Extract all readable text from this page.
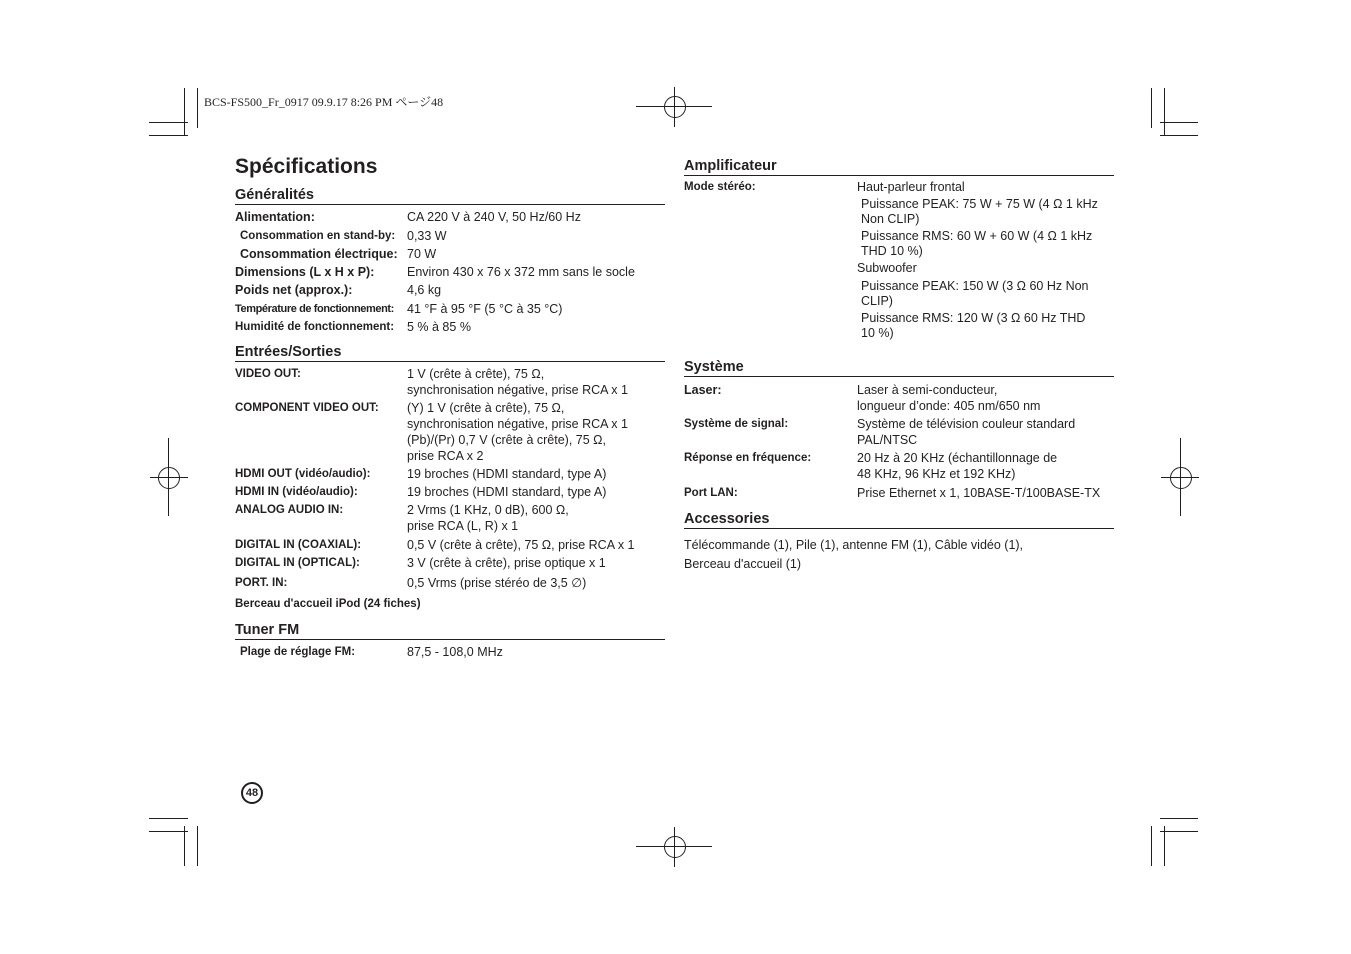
BCS-FS500_Fr_0917 09.9.17 8:26 PM ページ48
Spécifications
Généralités
Alimentation:	CA 220 V à 240 V, 50 Hz/60 Hz
Consommation en stand-by: 0,33 W
Consommation électrique: 70 W
Dimensions (L x H x P):	Environ 430 x 76 x 372 mm sans le socle
Poids net (approx.):	4,6 kg
Température de fonctionnement: 41 °F à 95 °F (5 °C à 35 °C)
Humidité de fonctionnement: 5 % à 85 %
Entrées/Sorties
VIDEO OUT:	1 V (crête à crête), 75 Ω,
synchronisation négative, prise RCA x 1
COMPONENT VIDEO OUT: (Y) 1 V (crête à crête), 75 Ω,
synchronisation négative, prise RCA x 1
(Pb)/(Pr) 0,7 V (crête à crête), 75 Ω,
prise RCA x 2
HDMI OUT (vidéo/audio):	19 broches (HDMI standard, type A)
HDMI IN (vidéo/audio):	19 broches (HDMI standard, type A)
ANALOG AUDIO IN:	2 Vrms (1 KHz, 0 dB), 600 Ω,
prise RCA (L, R) x 1
DIGITAL IN (COAXIAL):	0,5 V (crête à crête), 75 Ω, prise RCA x 1
DIGITAL IN (OPTICAL):	3 V (crête à crête), prise optique x 1
PORT. IN:	0,5 Vrms (prise stéréo de 3,5 ∅)
Berceau d'accueil iPod (24 fiches)
Tuner FM
Plage de réglage FM:	87,5 - 108,0 MHz
Amplificateur
Mode stéréo:	Haut-parleur frontal
Puissance PEAK: 75 W + 75 W (4 Ω 1 kHz
Non CLIP)
Puissance RMS: 60 W + 60 W (4 Ω 1 kHz
THD 10 %)
Subwoofer
Puissance PEAK: 150 W (3 Ω 60 Hz Non
CLIP)
Puissance RMS: 120 W (3 Ω 60 Hz THD
10 %)
Système
Laser:	Laser à semi-conducteur,
longueur d’onde: 405 nm/650 nm
Système de signal:	Système de télévision couleur standard
PAL/NTSC
Réponse en fréquence:	20 Hz à 20 KHz (échantillonnage de
48 KHz, 96 KHz et 192 KHz)
Port LAN:	Prise Ethernet x 1, 10BASE-T/100BASE-TX
Accessories
Télécommande (1), Pile (1), antenne FM (1), Câble vidéo (1),
Berceau d'accueil (1)
48
